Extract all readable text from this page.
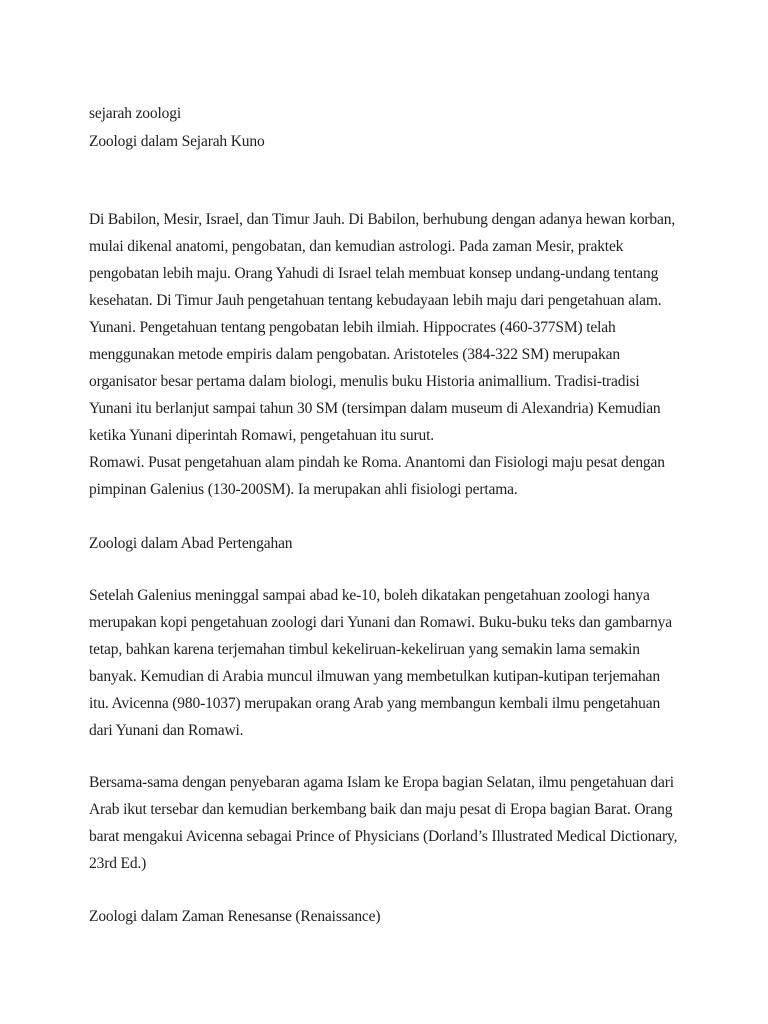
sejarah zoologi
Zoologi dalam Sejarah Kuno
Di Babilon, Mesir, Israel, dan Timur Jauh. Di Babilon, berhubung dengan adanya hewan korban,
mulai dikenal anatomi, pengobatan, dan kemudian astrologi. Pada zaman Mesir, praktek
pengobatan lebih maju. Orang Yahudi di Israel telah membuat konsep undang-undang tentang
kesehatan. Di Timur Jauh pengetahuan tentang kebudayaan lebih maju dari pengetahuan alam.
Yunani. Pengetahuan tentang pengobatan lebih ilmiah. Hippocrates (460-377SM) telah
menggunakan metode empiris dalam pengobatan. Aristoteles (384-322 SM) merupakan
organisator besar pertama dalam biologi, menulis buku Historia animallium. Tradisi-tradisi
Yunani itu berlanjut sampai tahun 30 SM (tersimpan dalam museum di Alexandria) Kemudian
ketika Yunani diperintah Romawi, pengetahuan itu surut.
Romawi. Pusat pengetahuan alam pindah ke Roma. Anantomi dan Fisiologi maju pesat dengan
pimpinan Galenius (130-200SM). Ia merupakan ahli fisiologi pertama.
Zoologi dalam Abad Pertengahan
Setelah Galenius meninggal sampai abad ke-10, boleh dikatakan pengetahuan zoologi hanya
merupakan kopi pengetahuan zoologi dari Yunani dan Romawi. Buku-buku teks dan gambarnya
tetap, bahkan karena terjemahan timbul kekeliruan-kekeliruan yang semakin lama semakin
banyak. Kemudian di Arabia muncul ilmuwan yang membetulkan kutipan-kutipan terjemahan
itu. Avicenna (980-1037) merupakan orang Arab yang membangun kembali ilmu pengetahuan
dari Yunani dan Romawi.
Bersama-sama dengan penyebaran agama Islam ke Eropa bagian Selatan, ilmu pengetahuan dari
Arab ikut tersebar dan kemudian berkembang baik dan maju pesat di Eropa bagian Barat. Orang
barat mengakui Avicenna sebagai Prince of Physicians (Dorland’s Illustrated Medical Dictionary,
23rd Ed.)
Zoologi dalam Zaman Renesanse (Renaissance)
